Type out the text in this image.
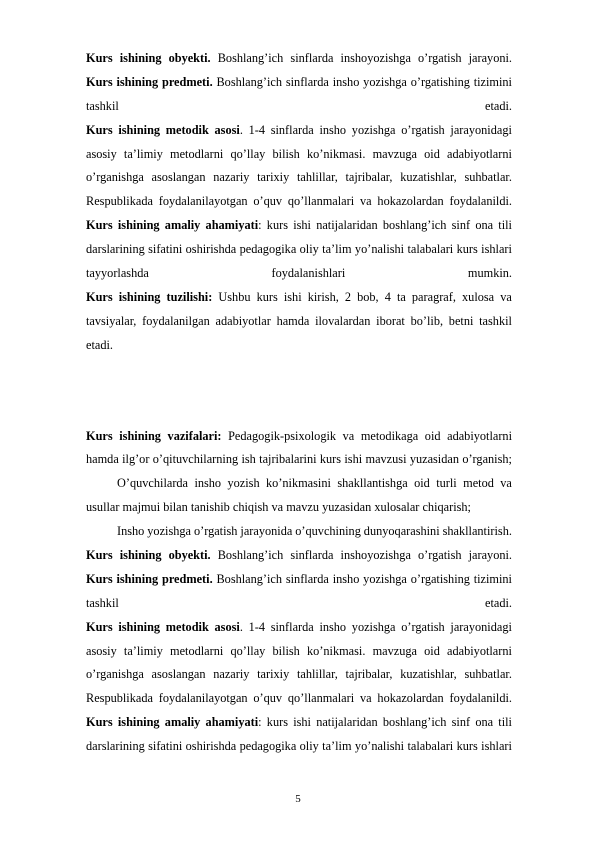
Kurs ishining obyekti. Boshlang’ich sinflarda inshoyozishga o’rgatish jarayoni.
Kurs ishining predmeti. Boshlang’ich sinflarda insho yozishga o’rgatishing tizimini
tashkil	etadi.
Kurs ishining metodik asosi. 1-4 sinflarda insho yozishga o’rgatish jarayonidagi
asosiy ta’limiy metodlarni qo’llay bilish ko’nikmasi. mavzuga oid adabiyotlarni
o’rganishga asoslangan nazariy tarixiy tahlillar, tajribalar, kuzatishlar, suhbatlar.
Respublikada foydalanilayotgan o’quv qo’llanmalari va hokazolardan foydalanildi.
Kurs ishining amaliy ahamiyati: kurs ishi natijalaridan boshlang’ich sinf ona tili
darslarining sifatini oshirishda pedagogika oliy ta’lim yo’nalishi talabalari kurs ishlari
tayyorlashda	foydalanishlari	mumkin.
Kurs ishining tuzilishi: Ushbu kurs ishi kirish, 2 bob, 4 ta paragraf, xulosa va
tavsiyalar, foydalanilgan adabiyotlar hamda ilovalardan iborat bo’lib, betni tashkil
etadi.
Kurs ishining vazifalari: Pedagogik-psixologik va metodikaga oid adabiyotlarni
hamda ilg’or o’qituvchilarning ish tajribalarini kurs ishi mavzusi yuzasidan o’rganish;
O’quvchilarda insho yozish ko’nikmasini shakllantishga oid turli metod va
usullar majmui bilan tanishib chiqish va mavzu yuzasidan xulosalar chiqarish;
Insho yozishga o’rgatish jarayonida o’quvchining dunyoqarashini shakllantirish.
Kurs ishining obyekti. Boshlang’ich sinflarda inshoyozishga o’rgatish jarayoni.
Kurs ishining predmeti. Boshlang’ich sinflarda insho yozishga o’rgatishing tizimini
tashkil	etadi.
Kurs ishining metodik asosi. 1-4 sinflarda insho yozishga o’rgatish jarayonidagi
asosiy ta’limiy metodlarni qo’llay bilish ko’nikmasi. mavzuga oid adabiyotlarni
o’rganishga asoslangan nazariy tarixiy tahlillar, tajribalar, kuzatishlar, suhbatlar.
Respublikada foydalanilayotgan o’quv qo’llanmalari va hokazolardan foydalanildi.
Kurs ishining amaliy ahamiyati: kurs ishi natijalaridan boshlang’ich sinf ona tili
darslarining sifatini oshirishda pedagogika oliy ta’lim yo’nalishi talabalari kurs ishlari
5
